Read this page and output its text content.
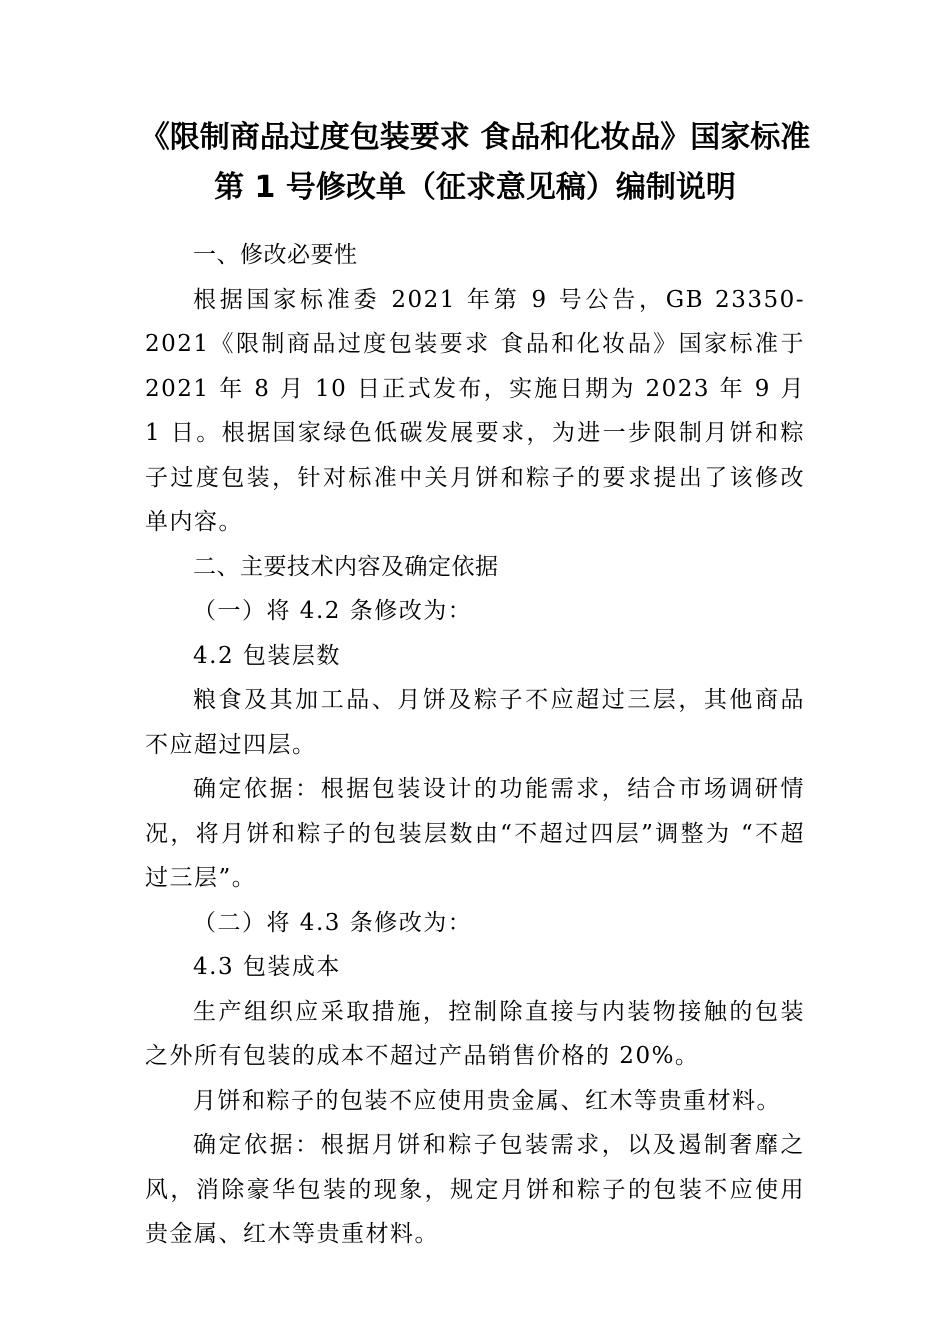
《限制商品过度包装要求 食品和化妆品》国家标准
第 1 号修改单（征求意见稿）编制说明

一、修改必要性

根据国家标准委 2021 年第 9 号公告，GB 23350-2021《限制商品过度包装要求 食品和化妆品》国家标准于 2021 年 8 月 10 日正式发布，实施日期为 2023 年 9 月 1 日。根据国家绿色低碳发展要求，为进一步限制月饼和粽子过度包装，针对标准中关月饼和粽子的要求提出了该修改单内容。

二、主要技术内容及确定依据

（一）将 4.2 条修改为：

4.2 包装层数

粮食及其加工品、月饼及粽子不应超过三层，其他商品不应超过四层。

确定依据：根据包装设计的功能需求，结合市场调研情况，将月饼和粽子的包装层数由“不超过四层”调整为 “不超过三层”。

（二）将 4.3 条修改为：

4.3 包装成本

生产组织应采取措施，控制除直接与内装物接触的包装之外所有包装的成本不超过产品销售价格的 20%。

月饼和粽子的包装不应使用贵金属、红木等贵重材料。

确定依据：根据月饼和粽子包装需求，以及遏制奢靡之风，消除豪华包装的现象，规定月饼和粽子的包装不应使用贵金属、红木等贵重材料。
